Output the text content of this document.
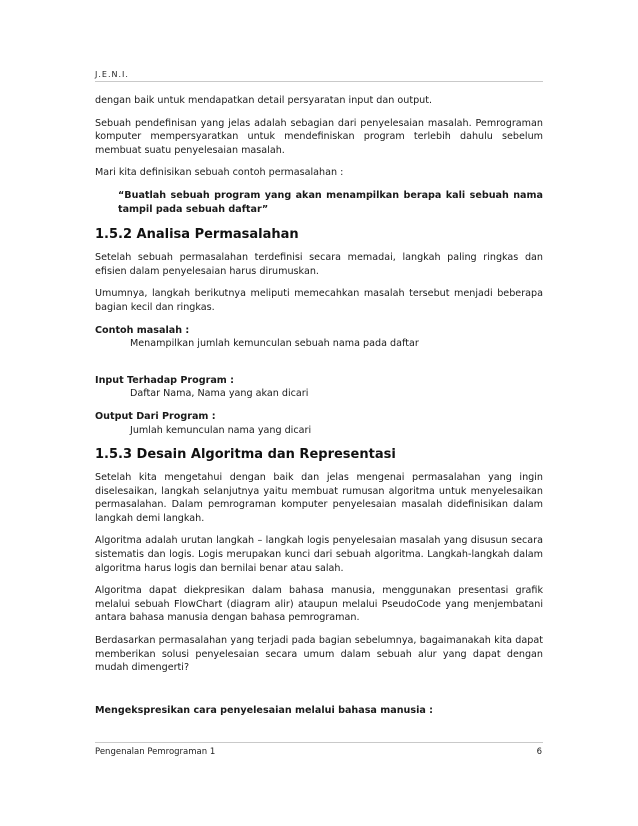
J.E.N.I.

dengan baik untuk mendapatkan detail persyaratan input dan output.

Sebuah pendefinisan yang jelas adalah sebagian dari penyelesaian masalah. Pemrograman komputer mempersyaratkan untuk mendefiniskan program terlebih dahulu sebelum membuat suatu penyelesaian masalah.

Mari kita definisikan sebuah contoh permasalahan :

“Buatlah sebuah program yang akan menampilkan berapa kali sebuah nama tampil pada sebuah daftar”

1.5.2 Analisa Permasalahan

Setelah sebuah permasalahan terdefinisi secara memadai, langkah paling ringkas dan efisien dalam penyelesaian harus dirumuskan.

Umumnya, langkah berikutnya meliputi memecahkan masalah tersebut menjadi beberapa bagian kecil dan ringkas.

Contoh masalah :
Menampilkan jumlah kemunculan sebuah nama pada daftar
Input Terhadap Program :
Daftar Nama, Nama yang akan dicari
Output Dari Program :
Jumlah kemunculan nama yang dicari
1.5.3 Desain Algoritma dan Representasi

Setelah kita mengetahui dengan baik dan jelas mengenai permasalahan yang ingin diselesaikan, langkah selanjutnya yaitu membuat rumusan algoritma untuk menyelesaikan permasalahan. Dalam pemrograman komputer penyelesaian masalah didefinisikan dalam langkah demi langkah.

Algoritma adalah urutan langkah – langkah logis penyelesaian masalah yang disusun secara sistematis dan logis. Logis merupakan kunci dari sebuah algoritma. Langkah-langkah dalam algoritma harus logis dan bernilai benar atau salah.

Algoritma dapat diekpresikan dalam bahasa manusia, menggunakan presentasi grafik melalui sebuah FlowChart (diagram alir) ataupun melalui PseudoCode yang menjembatani antara bahasa manusia dengan bahasa pemrograman.

Berdasarkan permasalahan yang terjadi pada bagian sebelumnya, bagaimanakah kita dapat memberikan solusi penyelesaian secara umum dalam sebuah alur yang dapat dengan mudah dimengerti?

Mengekspresikan cara penyelesaian melalui bahasa manusia :
Pengenalan Pemrograman 1	6
